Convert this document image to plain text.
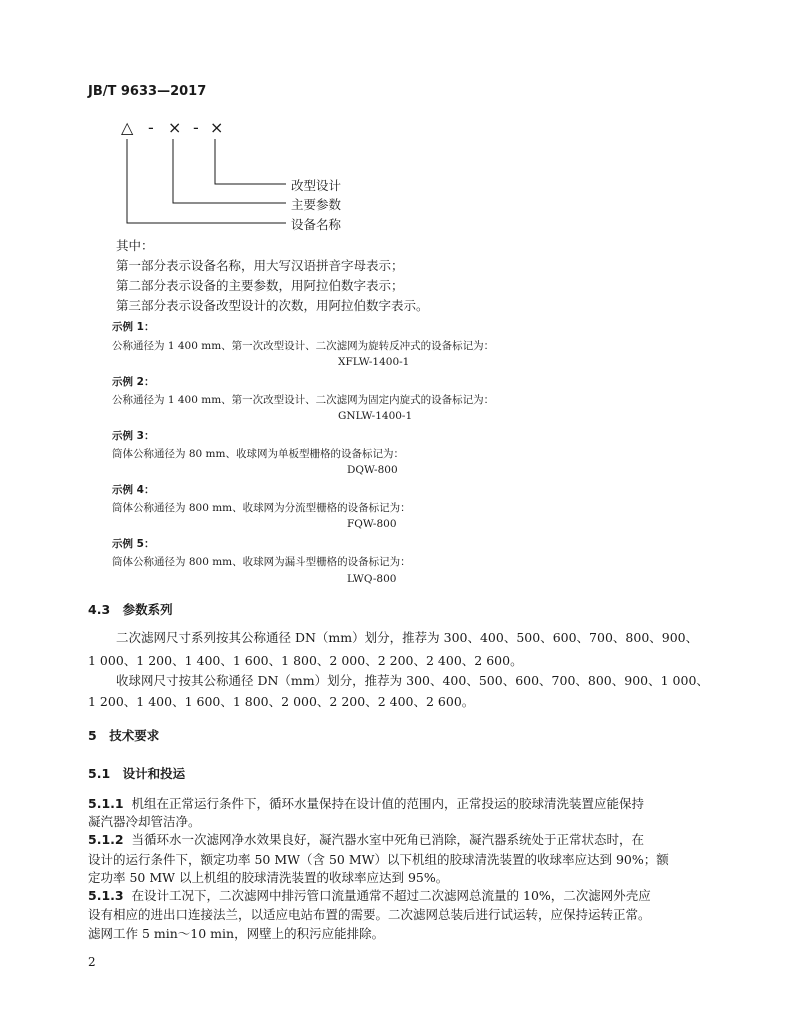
JB/T 9633—2017
△ - × - ×
改型设计
主要参数
设备名称
其中：
第一部分表示设备名称，用大写汉语拼音字母表示；
第二部分表示设备的主要参数，用阿拉伯数字表示；
第三部分表示设备改型设计的次数，用阿拉伯数字表示。
示例 1：
公称通径为 1 400 mm、第一次改型设计、二次滤网为旋转反冲式的设备标记为：
XFLW-1400-1
示例 2：
公称通径为 1 400 mm、第一次改型设计、二次滤网为固定内旋式的设备标记为：
GNLW-1400-1
示例 3：
筒体公称通径为 80 mm、收球网为单板型栅格的设备标记为：
DQW-800
示例 4：
筒体公称通径为 800 mm、收球网为分流型栅格的设备标记为：
FQW-800
示例 5：
筒体公称通径为 800 mm、收球网为漏斗型栅格的设备标记为：
LWQ-800
4.3　参数系列
二次滤网尺寸系列按其公称通径 DN（mm）划分，推荐为 300、400、500、600、700、800、900、
1 000、1 200、1 400、1 600、1 800、2 000、2 200、2 400、2 600。
收球网尺寸按其公称通径 DN（mm）划分，推荐为 300、400、500、600、700、800、900、1 000、
1 200、1 400、1 600、1 800、2 000、2 200、2 400、2 600。
5　技术要求
5.1　设计和投运
5.1.1 机组在正常运行条件下，循环水量保持在设计值的范围内，正常投运的胶球清洗装置应能保持
凝汽器冷却管洁净。
5.1.2 当循环水一次滤网净水效果良好，凝汽器水室中死角已消除，凝汽器系统处于正常状态时，在
设计的运行条件下，额定功率 50 MW（含 50 MW）以下机组的胶球清洗装置的收球率应达到 90%；额
定功率 50 MW 以上机组的胶球清洗装置的收球率应达到 95%。
5.1.3 在设计工况下，二次滤网中排污管口流量通常不超过二次滤网总流量的 10%，二次滤网外壳应
设有相应的进出口连接法兰，以适应电站布置的需要。二次滤网总装后进行试运转，应保持运转正常。
滤网工作 5 min～10 min，网壁上的积污应能排除。
2
